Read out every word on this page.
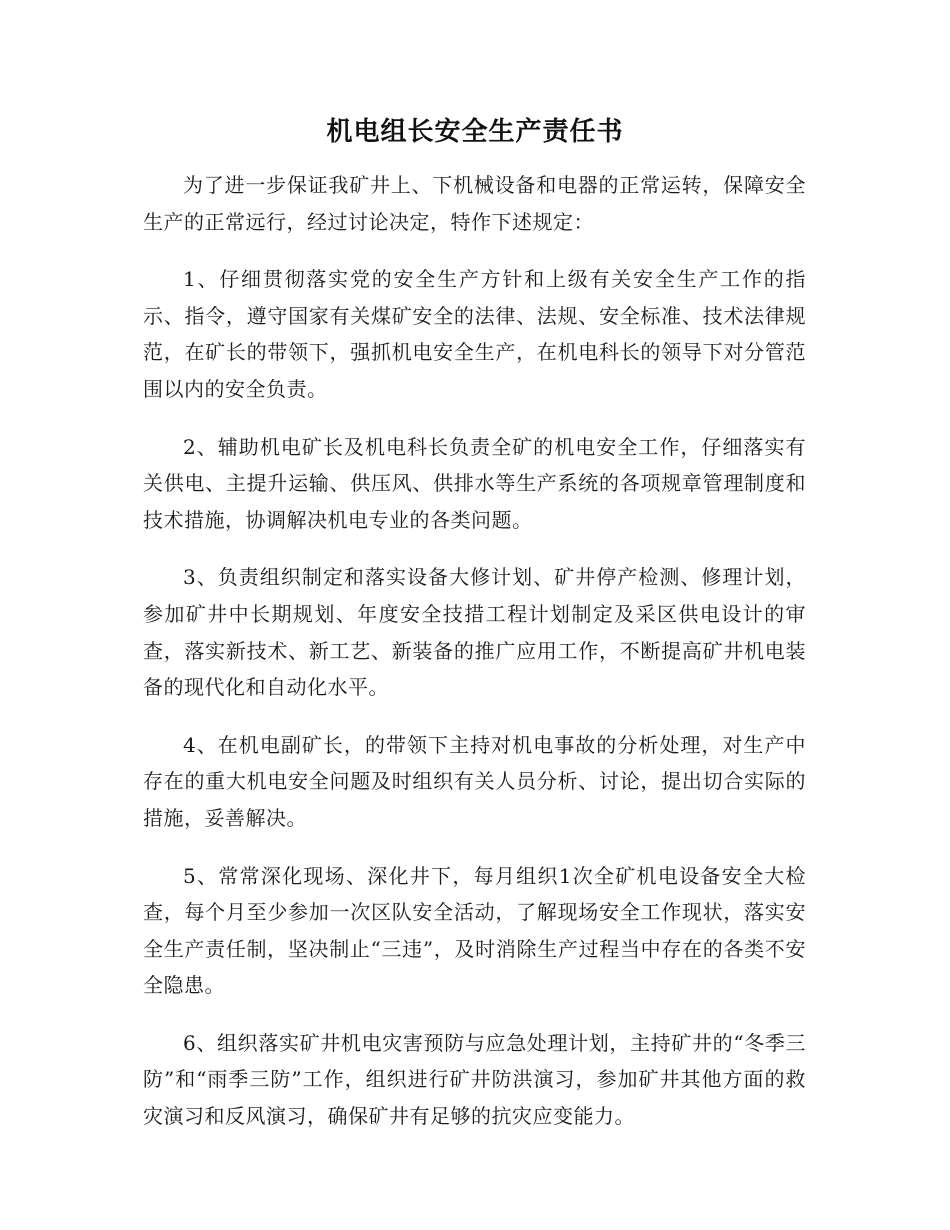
机电组长安全生产责任书

为了进一步保证我矿井上、下机械设备和电器的正常运转，保障安全生产的正常远行，经过讨论决定，特作下述规定：

1、仔细贯彻落实党的安全生产方针和上级有关安全生产工作的指示、指令，遵守国家有关煤矿安全的法律、法规、安全标准、技术法律规范，在矿长的带领下，强抓机电安全生产，在机电科长的领导下对分管范围以内的安全负责。

2、辅助机电矿长及机电科长负责全矿的机电安全工作，仔细落实有关供电、主提升运输、供压风、供排水等生产系统的各项规章管理制度和技术措施，协调解决机电专业的各类问题。

3、负责组织制定和落实设备大修计划、矿井停产检测、修理计划，参加矿井中长期规划、年度安全技措工程计划制定及采区供电设计的审查，落实新技术、新工艺、新装备的推广应用工作，不断提高矿井机电装备的现代化和自动化水平。

4、在机电副矿长，的带领下主持对机电事故的分析处理，对生产中存在的重大机电安全问题及时组织有关人员分析、讨论，提出切合实际的措施，妥善解决。

5、常常深化现场、深化井下，每月组织1次全矿机电设备安全大检查，每个月至少参加一次区队安全活动，了解现场安全工作现状，落实安全生产责任制，坚决制止“三违”，及时消除生产过程当中存在的各类不安全隐患。

6、组织落实矿井机电灾害预防与应急处理计划，主持矿井的“冬季三防”和“雨季三防”工作，组织进行矿井防洪演习，参加矿井其他方面的救灾演习和反风演习，确保矿井有足够的抗灾应变能力。
